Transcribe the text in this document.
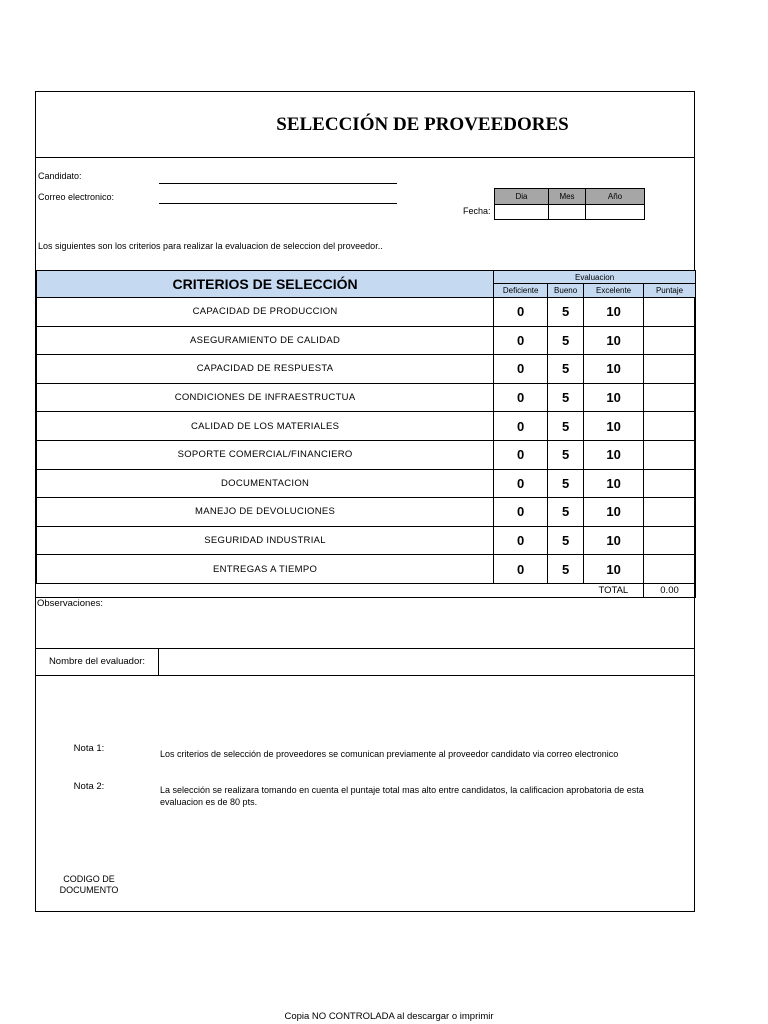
SELECCIÓN DE PROVEEDORES
Candidato:
Correo electronico:
Fecha:
Dia	Mes	Año

Los siguientes son los criterios para realizar la evaluacion de seleccion del proveedor..
CRITERIOS DE SELECCIÓN	Evaluacion			
	Deficiente	Bueno	Excelente	Puntaje
CAPACIDAD DE PRODUCCION	0	5	10	
ASEGURAMIENTO DE CALIDAD	0	5	10	
CAPACIDAD DE RESPUESTA	0	5	10	
CONDICIONES DE INFRAESTRUCTUA	0	5	10	
CALIDAD DE LOS MATERIALES	0	5	10	
SOPORTE COMERCIAL/FINANCIERO	0	5	10	
DOCUMENTACION	0	5	10	
MANEJO DE DEVOLUCIONES	0	5	10	
SEGURIDAD INDUSTRIAL	0	5	10	
ENTREGAS A TIEMPO	0	5	10	
			TOTAL	0.00
Observaciones:
Nombre del evaluador:
Nota 1:	Los criterios de selección de proveedores se comunican previamente al proveedor candidato via correo electronico
Nota 2:	La selección se realizara tomando en cuenta el puntaje total mas alto entre candidatos, la calificacion aprobatoria de esta evaluacion es de 80 pts.
CODIGO DE DOCUMENTO
Copia NO CONTROLADA al descargar o imprimir
